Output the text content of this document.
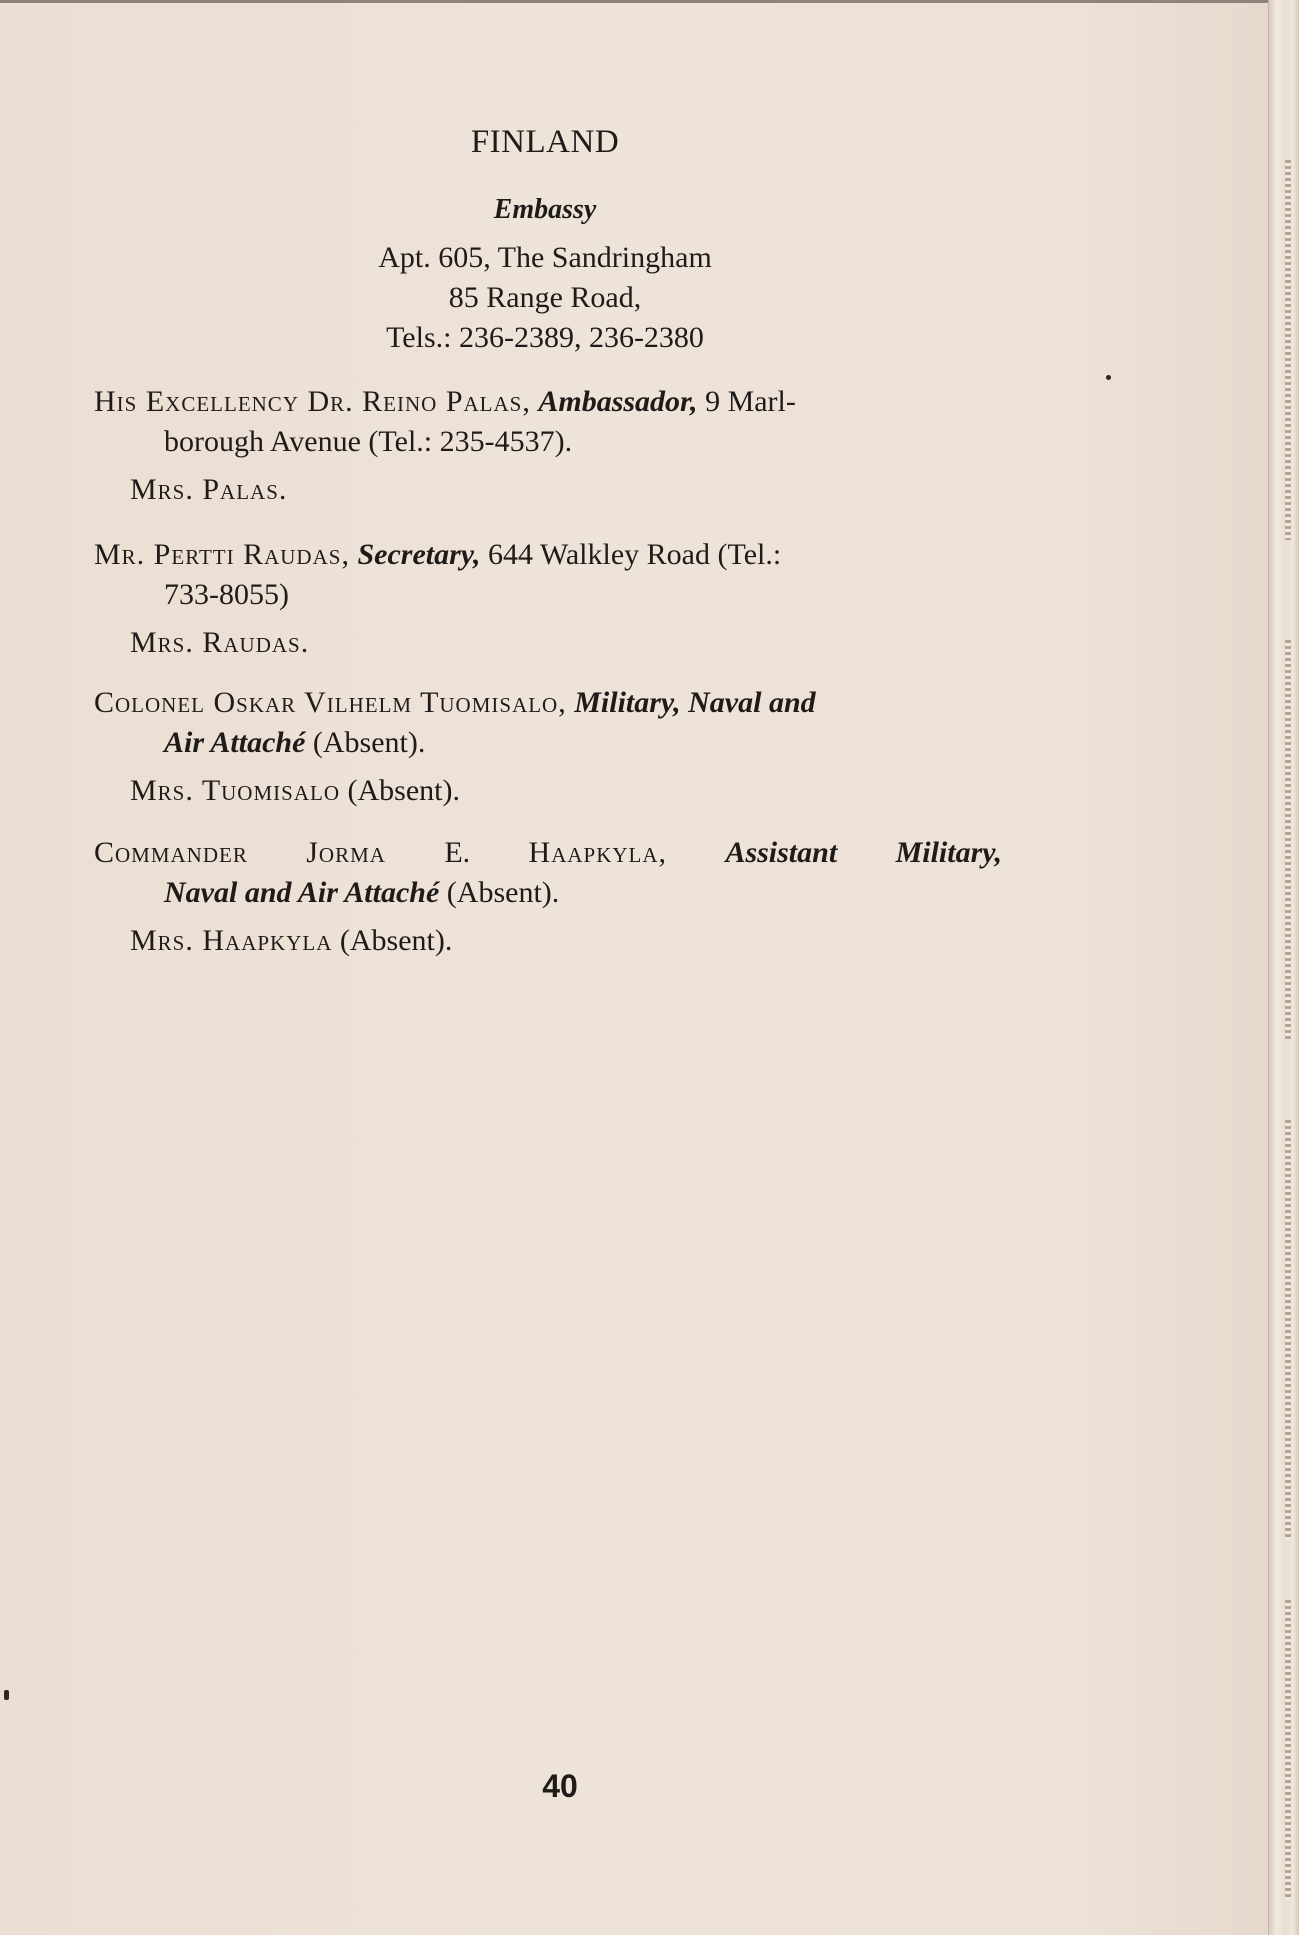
FINLAND
Embassy
Apt. 605, The Sandringham
85 Range Road,
Tels.: 236-2389, 236-2380
His Excellency Dr. Reino Palas, Ambassador, 9 Marl-
borough Avenue (Tel.: 235-4537).
Mrs. Palas.
Mr. Pertti Raudas, Secretary, 644 Walkley Road (Tel.:
733-8055)
Mrs. Raudas.
Colonel Oskar Vilhelm Tuomisalo, Military, Naval and
Air Attaché (Absent).
Mrs. Tuomisalo (Absent).
Commander Jorma E. Haapkyla, Assistant Military,
Naval and Air Attaché (Absent).
Mrs. Haapkyla (Absent).
40
